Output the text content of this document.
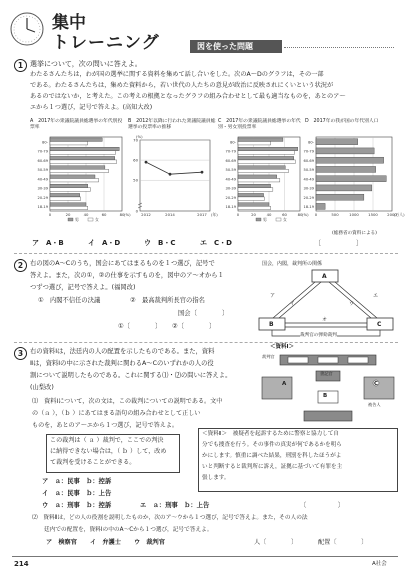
集中
トレーニング	図を使った問題
1 選挙について，次の問いに答えよ。
わたるさんたちは，わが国の選挙に関する資料を集めて話し合いをした。次のA～Dのグラフは，その一部
である。わたるさんたちは，集めた資料から，若い世代の人たちの意見が政治に反映されにくいという状況が
あるのではないか，と考えた。この考えの根拠となったグラフの組み合わせとして最も適当なものを，あとのア～
エから１つ選び，記号で答えよ。(高知大改)
A　2017年の衆議院議員総選挙の年代別投票率
B　2012年以降に行われた衆議院議員総選挙の投票率の推移
C　2017年の衆議院議員総選挙の年代別・男女別投票率
D　2017年の我が国の年代別人口
0	20	40	60	80 (%)
18-19
20-29
30-39
40-49
50-59
60-69
70-79
80-
男	女
0	20	40	60	80 (%)
18-19
20-29
30-39
40-49
50-59
60-69
70-79
80-
男	女
0	500	1000 1500 2000
(万人)
18-19
20-29
30-39
40-49
50-59
60-69
70-79
80-
70
60
50
0
(%)
2012	2014	2017 (年)
(総務省の資料による)
ア　A・B	イ　A・D	ウ　B・C	エ　C・D	〔　　　　　〕
2	右の図のA～Cのうち，国会にあてはまるものを１つ選び，記号で
答えよ。また，次の①，②の仕事を示すものを，図中のア～オから１
つずつ選び，記号で答えよ。(福岡改)
①　内閣不信任の決議	②　最高裁判所長官の指名
国会〔　　　　〕
①〔　　　　〕 ②〔　　　　〕
国会，内閣，裁判所の関係
A
B	C
ア
イ	ウ
エ
オ
裁判官の弾劾裁判
3	右の資料Ⅰは，法廷内の人の配置を示したものである。また，資料
Ⅱは，資料Ⅰの中に示された裁判に関わるA～Cのいずれかの人の役
割について説明したものである。これに関する⑴・⑵の問いに答えよ。
(山梨改)
⑴　資料Ⅰについて，次の文は，この裁判についての説明である。文中
の（ａ ），（ｂ ）にあてはまる語句の組み合わせとして正しい
ものを，あとのア～エから１つ選び，記号で答えよ。
この裁判は（ ａ ）裁判で，ここでの判決
に納得できない場合は，（ ｂ ）して，改め
て裁判を受けることができる。
ア　ａ：民事　ｂ：控訴
イ　ａ：民事　ｂ：上告
ウ　ａ：刑事　ｂ：控訴	エ　ａ：刑事　ｂ：上告	〔　　　　　〕
＜資料Ⅰ＞
裁判官
A
B
C
書記官
被告人
＜資料Ⅱ＞　被疑者を起訴するために警察と協力して自
分でも捜査を行う。その事件の真実が何であるかを明ら
かにします。慎重に調べた結果，刑罰を科したほうがよ
いと判断すると裁判所に訴え，証拠に基づいて有罪を主
張します。
⑵　資料Ⅱは，どの人の役割を説明したものか，次のア～ウから１つ選び，記号で答えよ。また，その人の法
廷内での配置を，資料Ⅰの中のA～Cから１つ選び，記号で答えよ。
ア　検察官 イ　弁護士 ウ　裁判官	人〔　　　　〕	配置〔　　　　〕
214	A社会
